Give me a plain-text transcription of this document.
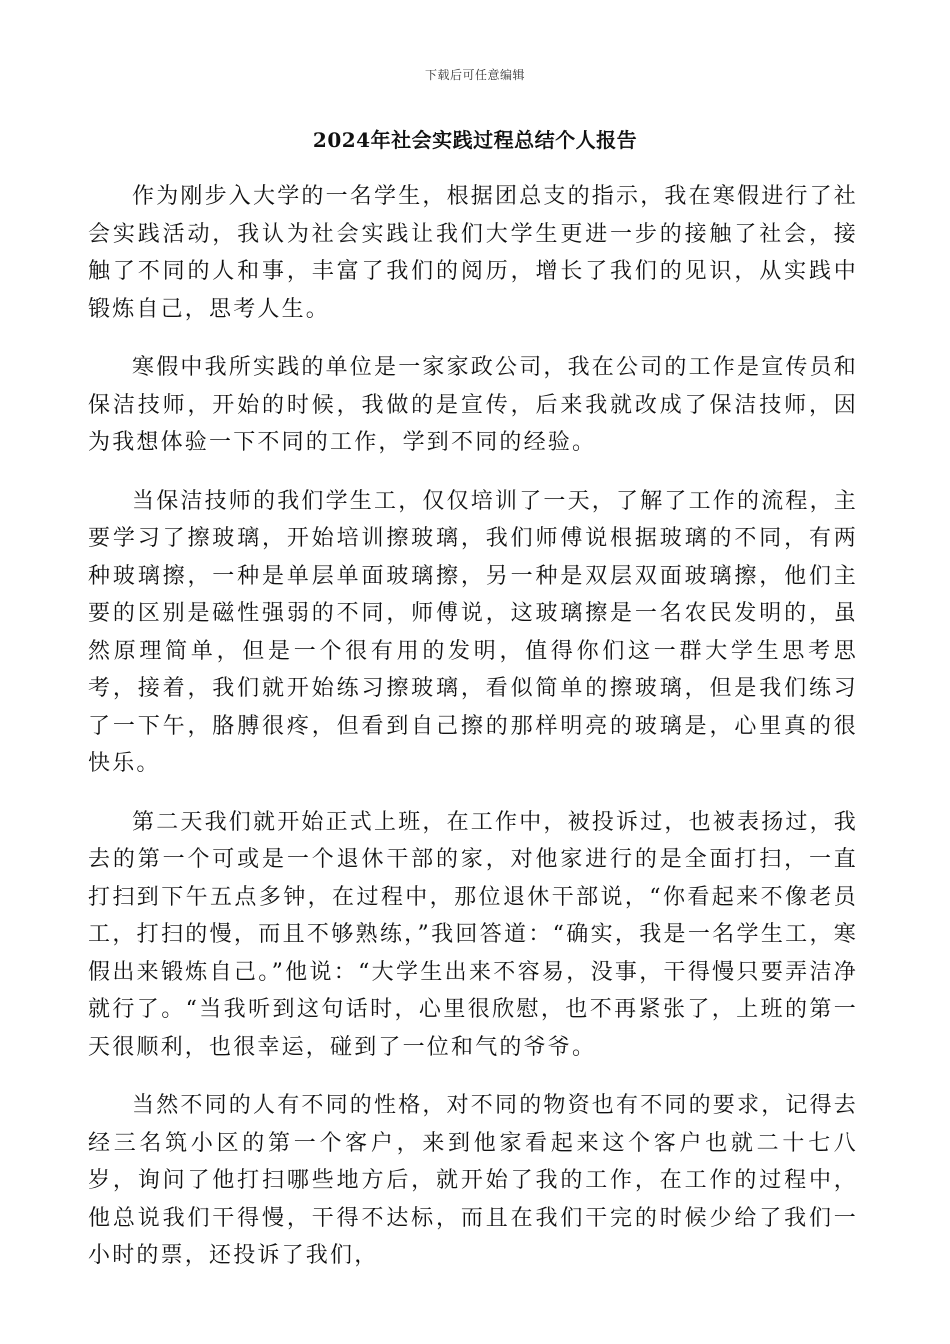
下载后可任意编辑
2024年社会实践过程总结个人报告

作为刚步入大学的一名学生，根据团总支的指示，我在寒假进行了社会实践活动，我认为社会实践让我们大学生更进一步的接触了社会，接触了不同的人和事，丰富了我们的阅历，增长了我们的见识，从实践中锻炼自己，思考人生。

寒假中我所实践的单位是一家家政公司，我在公司的工作是宣传员和保洁技师，开始的时候，我做的是宣传，后来我就改成了保洁技师，因为我想体验一下不同的工作，学到不同的经验。

当保洁技师的我们学生工，仅仅培训了一天，了解了工作的流程，主要学习了擦玻璃，开始培训擦玻璃，我们师傅说根据玻璃的不同，有两种玻璃擦，一种是单层单面玻璃擦，另一种是双层双面玻璃擦，他们主要的区别是磁性强弱的不同，师傅说，这玻璃擦是一名农民发明的，虽然原理简单，但是一个很有用的发明，值得你们这一群大学生思考思考，接着，我们就开始练习擦玻璃，看似简单的擦玻璃，但是我们练习了一下午，胳膊很疼，但看到自己擦的那样明亮的玻璃是，心里真的很快乐。

第二天我们就开始正式上班，在工作中，被投诉过，也被表扬过，我去的第一个可或是一个退休干部的家，对他家进行的是全面打扫，一直打扫到下午五点多钟，在过程中，那位退休干部说，“你看起来不像老员工，打扫的慢，而且不够熟练，”我回答道：“确实，我是一名学生工，寒假出来锻炼自己。”他说：“大学生出来不容易，没事，干得慢只要弄洁净就行了。“当我听到这句话时，心里很欣慰，也不再紧张了，上班的第一天很顺利，也很幸运，碰到了一位和气的爷爷。

当然不同的人有不同的性格，对不同的物资也有不同的要求，记得去经三名筑小区的第一个客户，来到他家看起来这个客户也就二十七八岁，询问了他打扫哪些地方后，就开始了我的工作，在工作的过程中，他总说我们干得慢，干得不达标，而且在我们干完的时候少给了我们一小时的票，还投诉了我们，
